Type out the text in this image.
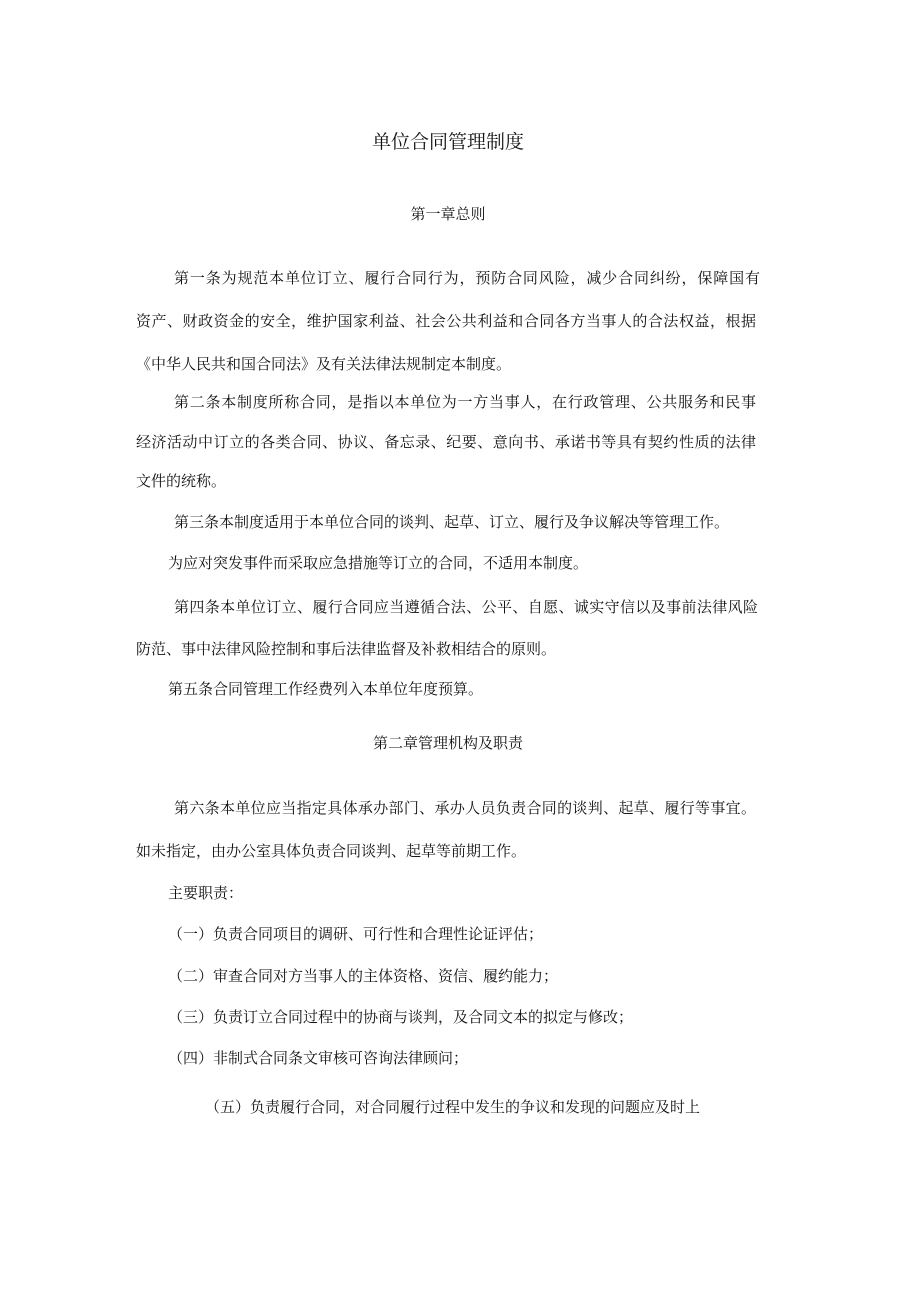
单位合同管理制度
第一章总则
第一条为规范本单位订立、履行合同行为，预防合同风险，减少合同纠纷，保障国有
资产、财政资金的安全，维护国家利益、社会公共利益和合同各方当事人的合法权益，根据
《中华人民共和国合同法》及有关法律法规制定本制度。
第二条本制度所称合同，是指以本单位为一方当事人，在行政管理、公共服务和民事
经济活动中订立的各类合同、协议、备忘录、纪要、意向书、承诺书等具有契约性质的法律
文件的统称。
第三条本制度适用于本单位合同的谈判、起草、订立、履行及争议解决等管理工作。
为应对突发事件而采取应急措施等订立的合同，不适用本制度。
第四条本单位订立、履行合同应当遵循合法、公平、自愿、诚实守信以及事前法律风险
防范、事中法律风险控制和事后法律监督及补救相结合的原则。
第五条合同管理工作经费列入本单位年度预算。
第二章管理机构及职责
第六条本单位应当指定具体承办部门、承办人员负责合同的谈判、起草、履行等事宜。
如未指定，由办公室具体负责合同谈判、起草等前期工作。
主要职责：
（一）负责合同项目的调研、可行性和合理性论证评估；
（二）审查合同对方当事人的主体资格、资信、履约能力；
（三）负责订立合同过程中的协商与谈判，及合同文本的拟定与修改；
（四）非制式合同条文审核可咨询法律顾问；
（五）负责履行合同，对合同履行过程中发生的争议和发现的问题应及时上
